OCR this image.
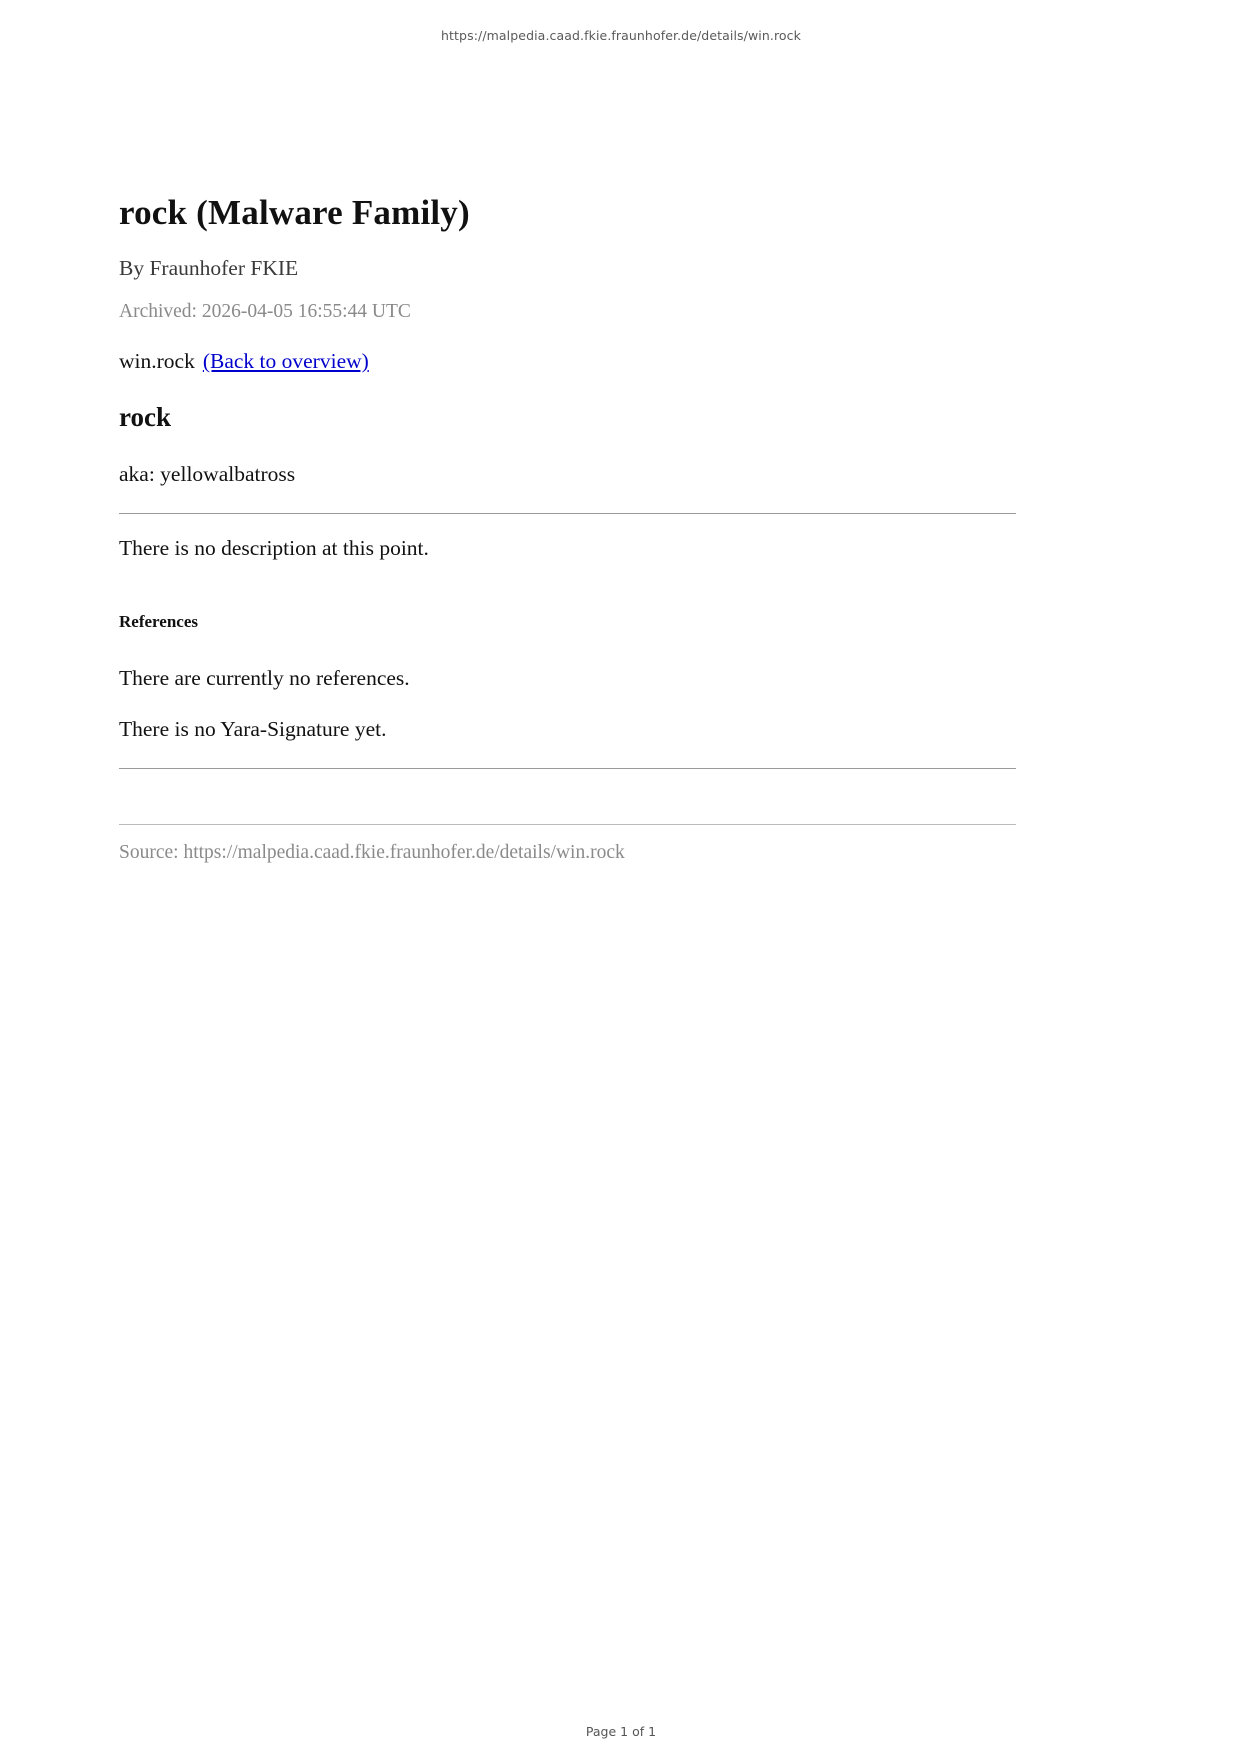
https://malpedia.caad.fkie.fraunhofer.de/details/win.rock
rock (Malware Family)
By Fraunhofer FKIE
Archived: 2026-04-05 16:55:44 UTC
win.rock (Back to overview)
rock
aka: yellowalbatross
There is no description at this point.
References
There are currently no references.
There is no Yara-Signature yet.
Source: https://malpedia.caad.fkie.fraunhofer.de/details/win.rock
Page 1 of 1
